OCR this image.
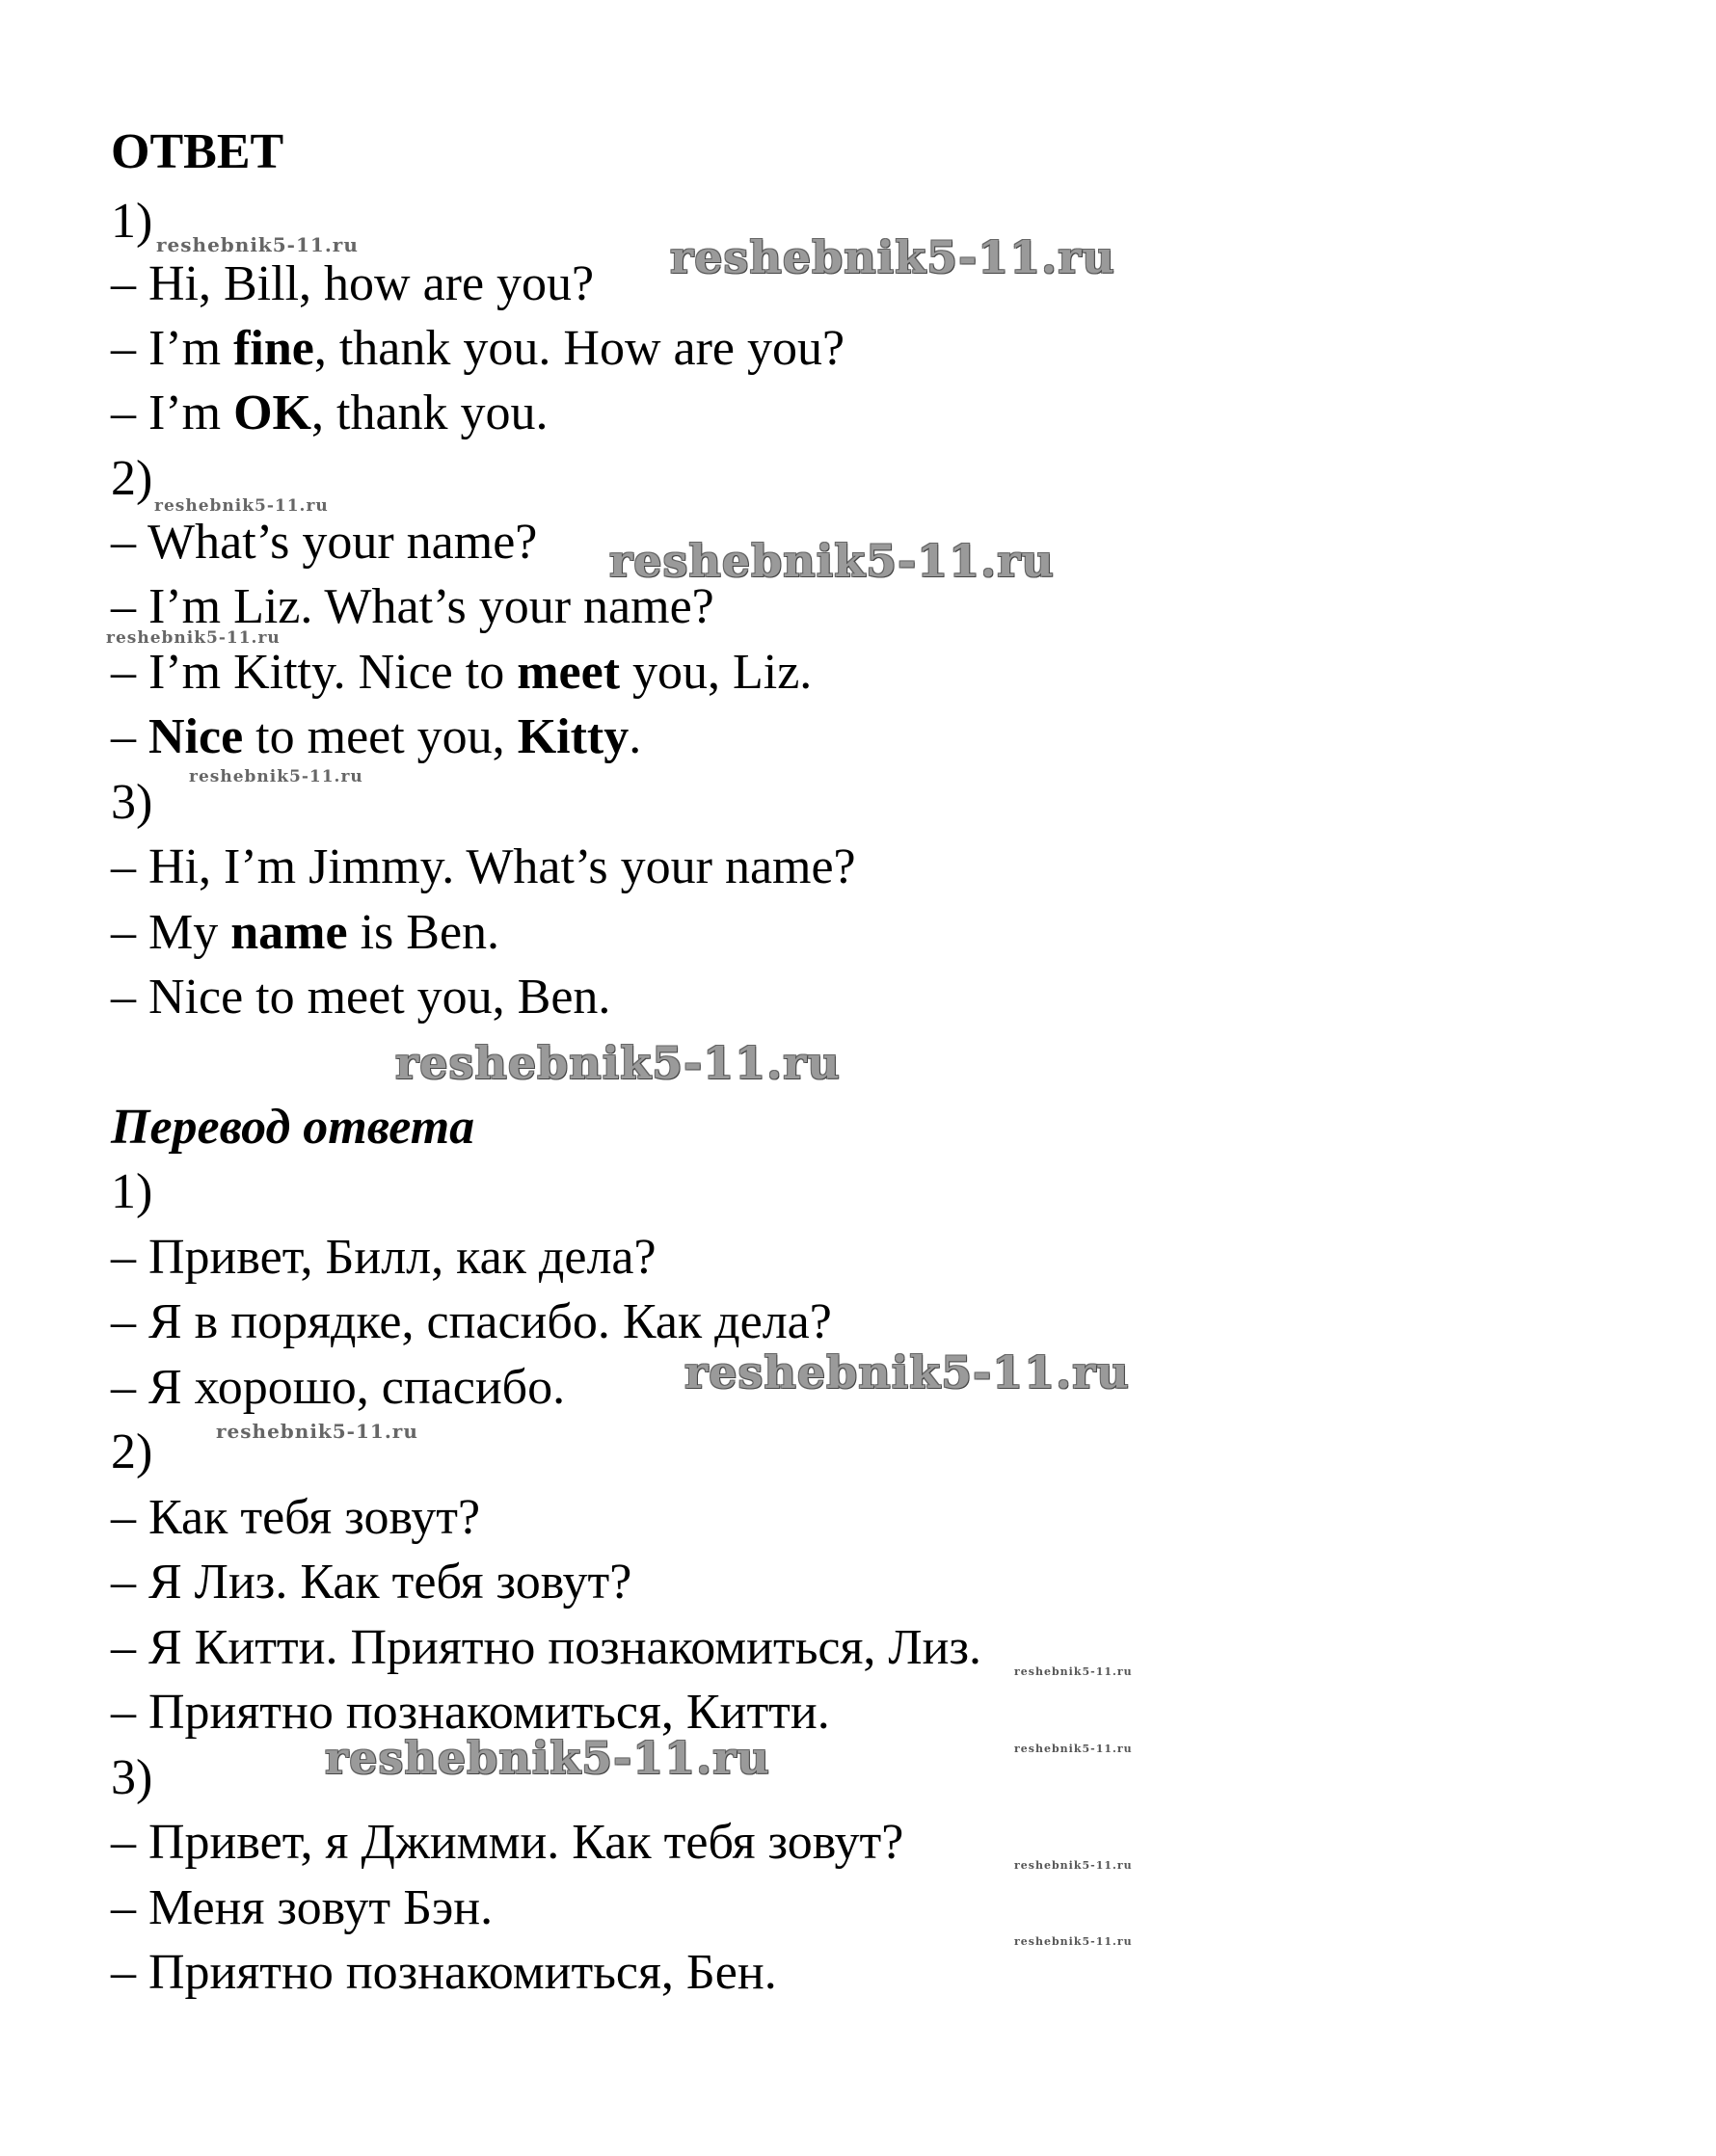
ОТВЕТ
1)
– Hi, Bill, how are you?
– I’m fine, thank you. How are you?
– I’m OK, thank you.
2)
– What’s your name?
– I’m Liz. What’s your name?
– I’m Kitty. Nice to meet you, Liz.
– Nice to meet you, Kitty.
3)
– Hi, I’m Jimmy. What’s your name?
– My name is Ben.
– Nice to meet you, Ben.
Перевод ответа
1)
– Привет, Билл, как дела?
– Я в порядке, спасибо. Как дела?
– Я хорошо, спасибо.
2)
– Как тебя зовут?
– Я Лиз. Как тебя зовут?
– Я Китти. Приятно познакомиться, Лиз.
– Приятно познакомиться, Китти.
3)
– Привет, я Джимми. Как тебя зовут?
– Меня зовут Бэн.
– Приятно познакомиться, Бен.
reshebnik5-11.ru	reshebnik5-11.ru
reshebnik5-11.ru
reshebnik5-11.ru
reshebnik5-11.ru
reshebnik5-11.ru
reshebnik5-11.ru
reshebnik5-11.ru
reshebnik5-11.ru
reshebnik5-11.ru
reshebnik5-11.ru	reshebnik5-11.ru
reshebnik5-11.ru
reshebnik5-11.ru
